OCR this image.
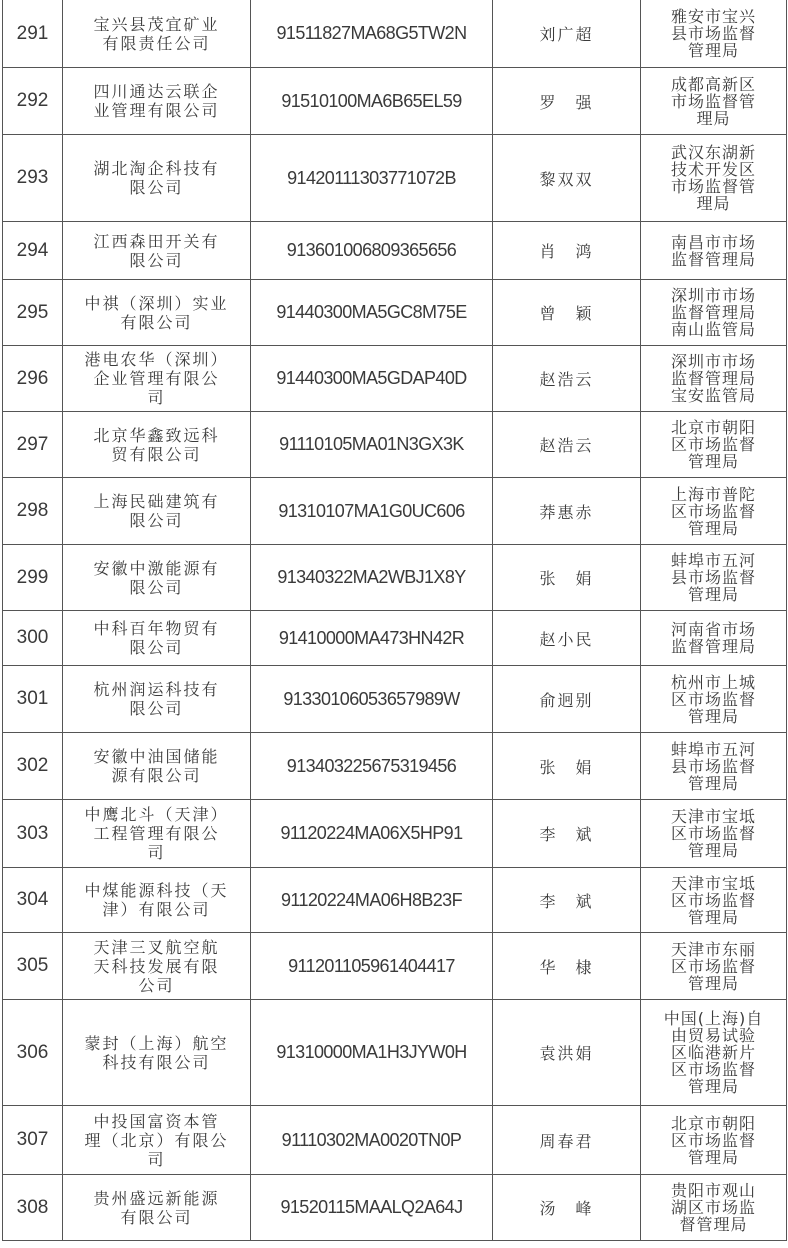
291	宝兴县茂宜矿业
有限责任公司	91511827MA68G5TW2N	刘广超	雅安市宝兴
县市场监督
管理局
292	四川通达云联企
业管理有限公司	91510100MA6B65EL59	罗　强	成都高新区
市场监督管
理局
293	湖北淘企科技有
限公司	91420111303771072B	黎双双	武汉东湖新
技术开发区
市场监督管
理局
294	江西森田开关有
限公司	91360100680936565​6	肖　鸿	南昌市市场
监督管理局
295	中祺（深圳）实业
有限公司	91440300MA5GC8M75E	曾　颖	深圳市市场
监督管理局
南山监管局
296	港电农华（深圳）
企业管理有限公
司	91440300MA5GDAP40D	赵浩云	深圳市市场
监督管理局
宝安监管局
297	北京华鑫致远科
贸有限公司	91110105MA01N3GX3K	赵浩云	北京市朝阳
区市场监督
管理局
298	上海民础建筑有
限公司	91310107MA1G0UC606	莽惠赤	上海市普陀
区市场监督
管理局
299	安徽中激能源有
限公司	91340322MA2WBJ1X8Y	张　娟	蚌埠市五河
县市场监督
管理局
300	中科百年物贸有
限公司	91410000MA473HN42R	赵小民	河南省市场
监督管理局
301	杭州润运科技有
限公司	91330106053657989W	俞迥别	杭州市上城
区市场监督
管理局
302	安徽中油国储能
源有限公司	91340322567531945​6	张　娟	蚌埠市五河
县市场监督
管理局
303	中鹰北斗（天津）
工程管理有限公
司	91120224MA06X5HP91	李　斌	天津市宝坻
区市场监督
管理局
304	中煤能源科技（天
津）有限公司	91120224MA06H8B23F	李　斌	天津市宝坻
区市场监督
管理局
305	天津三叉航空航
天科技发展有限
公司	91120110596140441​7	华　棣	天津市东丽
区市场监督
管理局
306	蒙封（上海）航空
科技有限公司	91310000MA1H3JYW0H	袁洪娟	中国(上海)自
由贸易试验
区临港新片
区市场监督
管理局
307	中投国富资本管
理（北京）有限公
司	91110302MA0020TN0P	周春君	北京市朝阳
区市场监督
管理局
308	贵州盛远新能源
有限公司	91520115MAALQ2A64J	汤　峰	贵阳市观山
湖区市场监
督管理局
